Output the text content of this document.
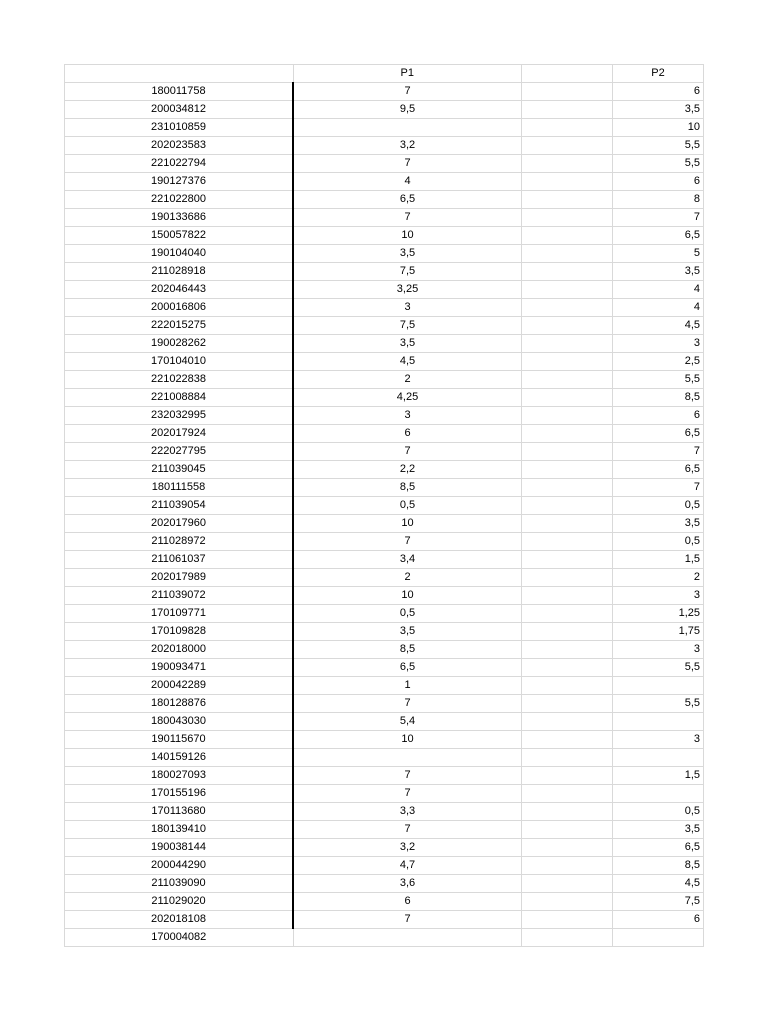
	P1		P2
180011758	7		6
200034812	9,5		3,5
231010859			10
202023583	3,2		5,5
221022794	7		5,5
190127376	4		6
221022800	6,5		8
190133686	7		7
150057822	10		6,5
190104040	3,5		5
211028918	7,5		3,5
202046443	3,25		4
200016806	3		4
222015275	7,5		4,5
190028262	3,5		3
170104010	4,5		2,5
221022838	2		5,5
221008884	4,25		8,5
232032995	3		6
202017924	6		6,5
222027795	7		7
211039045	2,2		6,5
180111558	8,5		7
211039054	0,5		0,5
202017960	10		3,5
211028972	7		0,5
211061037	3,4		1,5
202017989	2		2
211039072	10		3
170109771	0,5		1,25
170109828	3,5		1,75
202018000	8,5		3
190093471	6,5		5,5
200042289	1		
180128876	7		5,5
180043030	5,4		
190115670	10		3
140159126			
180027093	7		1,5
170155196	7		
170113680	3,3		0,5
180139410	7		3,5
190038144	3,2		6,5
200044290	4,7		8,5
211039090	3,6		4,5
211029020	6		7,5
202018108	7		6
170004082			
